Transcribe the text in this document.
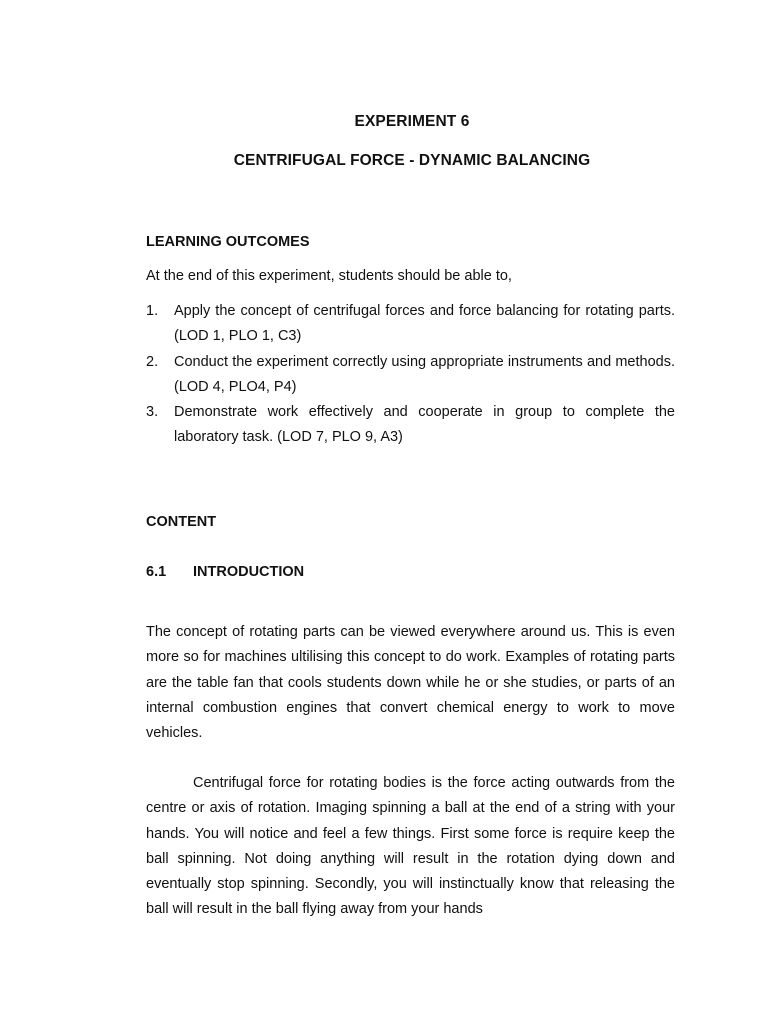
EXPERIMENT 6
CENTRIFUGAL FORCE - DYNAMIC BALANCING
LEARNING OUTCOMES
At the end of this experiment, students should be able to,
1. Apply the concept of centrifugal forces and force balancing for rotating parts. (LOD 1, PLO 1, C3)
2. Conduct the experiment correctly using appropriate instruments and methods. (LOD 4, PLO4, P4)
3. Demonstrate work effectively and cooperate in group to complete the laboratory task. (LOD 7, PLO 9, A3)
CONTENT
6.1 INTRODUCTION
The concept of rotating parts can be viewed everywhere around us. This is even more so for machines ultilising this concept to do work. Examples of rotating parts are the table fan that cools students down while he or she studies, or parts of an internal combustion engines that convert chemical energy to work to move vehicles.
Centrifugal force for rotating bodies is the force acting outwards from the centre or axis of rotation. Imaging spinning a ball at the end of a string with your hands. You will notice and feel a few things. First some force is require keep the ball spinning. Not doing anything will result in the rotation dying down and eventually stop spinning. Secondly, you will instinctually know that releasing the ball will result in the ball flying away from your hands
